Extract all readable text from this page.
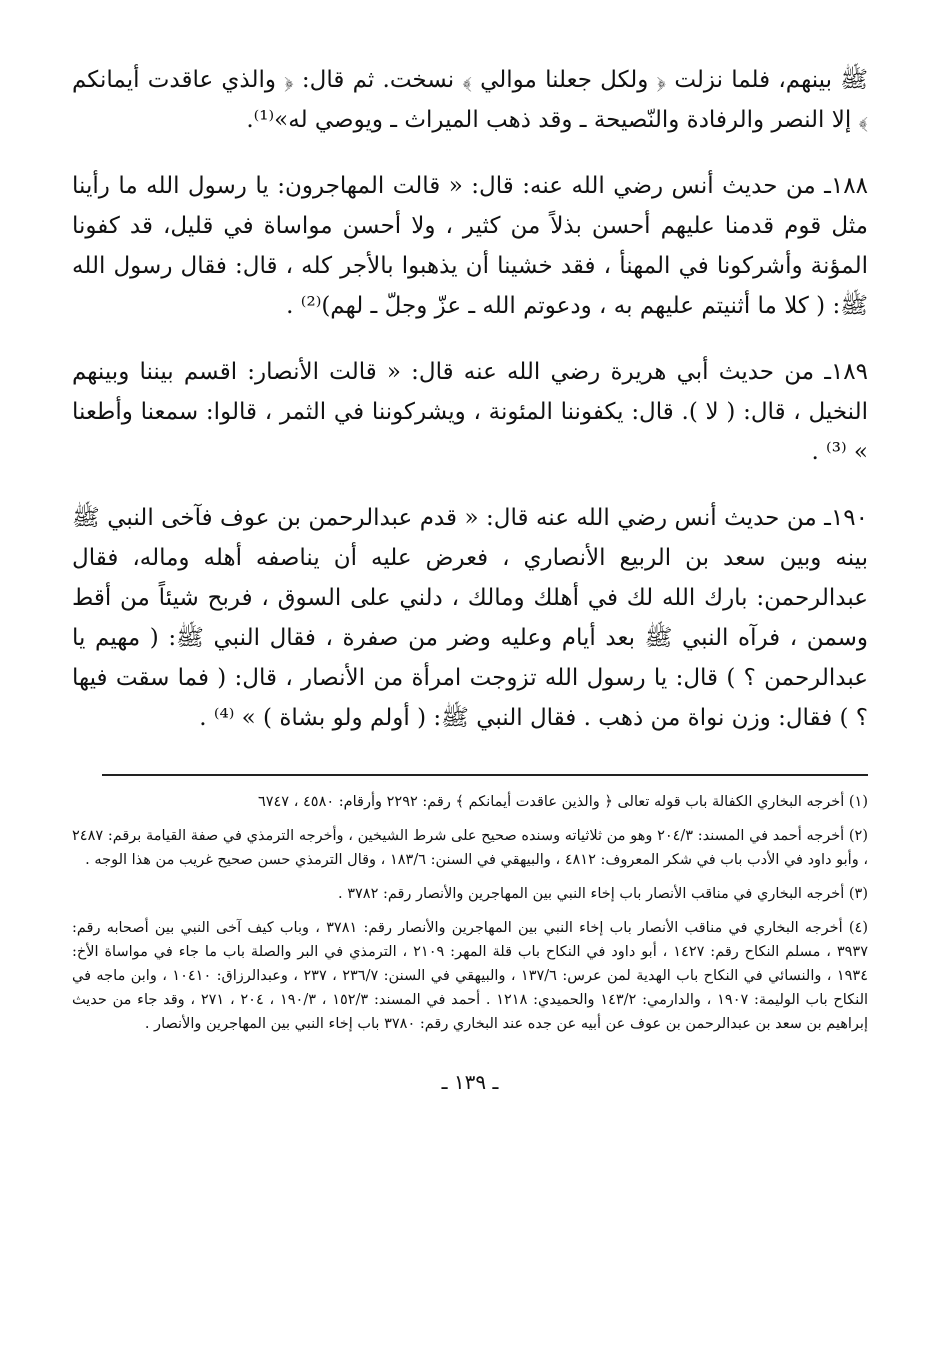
ﷺ بينهم، فلما نزلت ﴿ ولكل جعلنا موالي ﴾ نسخت. ثم قال: ﴿ والذي عاقدت أيمانكم ﴾ إلا النصر والرفادة والنّصيحة ـ وقد ذهب الميراث ـ ويوصي له»⁽¹⁾.

١٨٨ـ من حديث أنس رضي الله عنه: قال: « قالت المهاجرون: يا رسول الله ما رأينا مثل قوم قدمنا عليهم أحسن بذلاً من كثير ، ولا أحسن مواساة في قليل، قد كفونا المؤنة وأشركونا في المهنأ ، فقد خشينا أن يذهبوا بالأجر كله ، قال: فقال رسول الله ﷺ: ( كلا ما أثنيتم عليهم به ، ودعوتم الله ـ عزّ وجلّ ـ لهم)⁽²⁾ .

١٨٩ـ من حديث أبي هريرة رضي الله عنه قال: « قالت الأنصار: اقسم بيننا وبينهم النخيل ، قال: ( لا ). قال: يكفوننا المئونة ، ويشركوننا في الثمر ، قالوا: سمعنا وأطعنا » ⁽³⁾ .

١٩٠ـ من حديث أنس رضي الله عنه قال: « قدم عبدالرحمن بن عوف فآخى النبي ﷺ بينه وبين سعد بن الربيع الأنصاري ، فعرض عليه أن يناصفه أهله وماله، فقال عبدالرحمن: بارك الله لك في أهلك ومالك ، دلني على السوق ، فربح شيئاً من أقط وسمن ، فرآه النبي ﷺ بعد أيام وعليه وضر من صفرة ، فقال النبي ﷺ: ( مهيم يا عبدالرحمن ؟ ) قال: يا رسول الله تزوجت امرأة من الأنصار ، قال: ( فما سقت فيها ؟ ) فقال: وزن نواة من ذهب . فقال النبي ﷺ: ( أولم ولو بشاة ) » ⁽⁴⁾ .

(١) أخرجه البخاري الكفالة باب قوله تعالى ﴿ والذين عاقدت أيمانكم ﴾ رقم: ٢٢٩٢ وأرقام: ٤٥٨٠ ، ٦٧٤٧

(٢) أخرجه أحمد في المسند: ٢٠٤/٣ وهو من ثلاثياته وسنده صحيح على شرط الشيخين ، وأخرجه الترمذي في صفة القيامة برقم: ٢٤٨٧ ، وأبو داود في الأدب باب في شكر المعروف: ٤٨١٢ ، والبيهقي في السنن: ١٨٣/٦ ، وقال الترمذي حسن صحيح غريب من هذا الوجه .

(٣) أخرجه البخاري في مناقب الأنصار باب إخاء النبي بين المهاجرين والأنصار رقم: ٣٧٨٢ .

(٤) أخرجه البخاري في مناقب الأنصار باب إخاء النبي بين المهاجرين والأنصار رقم: ٣٧٨١ ، وباب كيف آخى النبي بين أصحابه رقم: ٣٩٣٧ ، مسلم النكاح رقم: ١٤٢٧ ، أبو داود في النكاح باب قلة المهر: ٢١٠٩ ، الترمذي في البر والصلة باب ما جاء في مواساة الأخ: ١٩٣٤ ، والنسائي في النكاح باب الهدية لمن عرس: ١٣٧/٦ ، والبيهقي في السنن: ٢٣٦/٧ ، ٢٣٧ ، وعبدالرزاق: ١٠٤١٠ ، وابن ماجه في النكاح باب الوليمة: ١٩٠٧ ، والدارمي: ١٤٣/٢ والحميدي: ١٢١٨ . أحمد في المسند: ١٥٢/٣ ، ١٩٠/٣ ، ٢٠٤ ، ٢٧١ ، وقد جاء من حديث إبراهيم بن سعد بن عبدالرحمن بن عوف عن أبيه عن جده عند البخاري رقم: ٣٧٨٠ باب إخاء النبي بين المهاجرين والأنصار .

ـ ١٣٩ ـ
